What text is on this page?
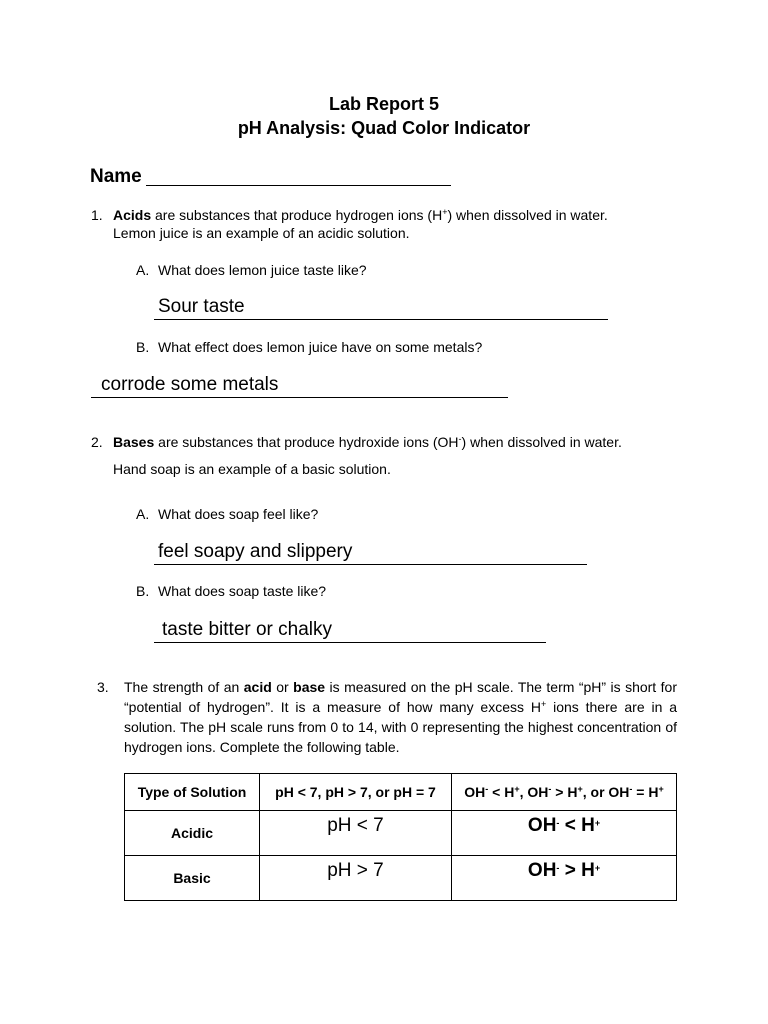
Lab Report 5
pH Analysis: Quad Color Indicator
Name
1. Acids are substances that produce hydrogen ions (H+) when dissolved in water.
Lemon juice is an example of an acidic solution.
A. What does lemon juice taste like?
Sour taste
B. What effect does lemon juice have on some metals?
corrode some metals
2. Bases are substances that produce hydroxide ions (OH-) when dissolved in water.
Hand soap is an example of a basic solution.
A. What does soap feel like?
feel soapy and slippery
B. What does soap taste like?
taste bitter or chalky
3. The strength of an acid or base is measured on the pH scale. The term “pH” is short for “potential of hydrogen”. It is a measure of how many excess H+ ions there are in a solution. The pH scale runs from 0 to 14, with 0 representing the highest concentration of hydrogen ions. Complete the following table.
Type of Solution	pH < 7, pH > 7, or pH = 7	OH- < H+, OH- > H+, or OH- = H+
Acidic	pH < 7	OH- < H+
Basic	pH > 7	OH- > H+
